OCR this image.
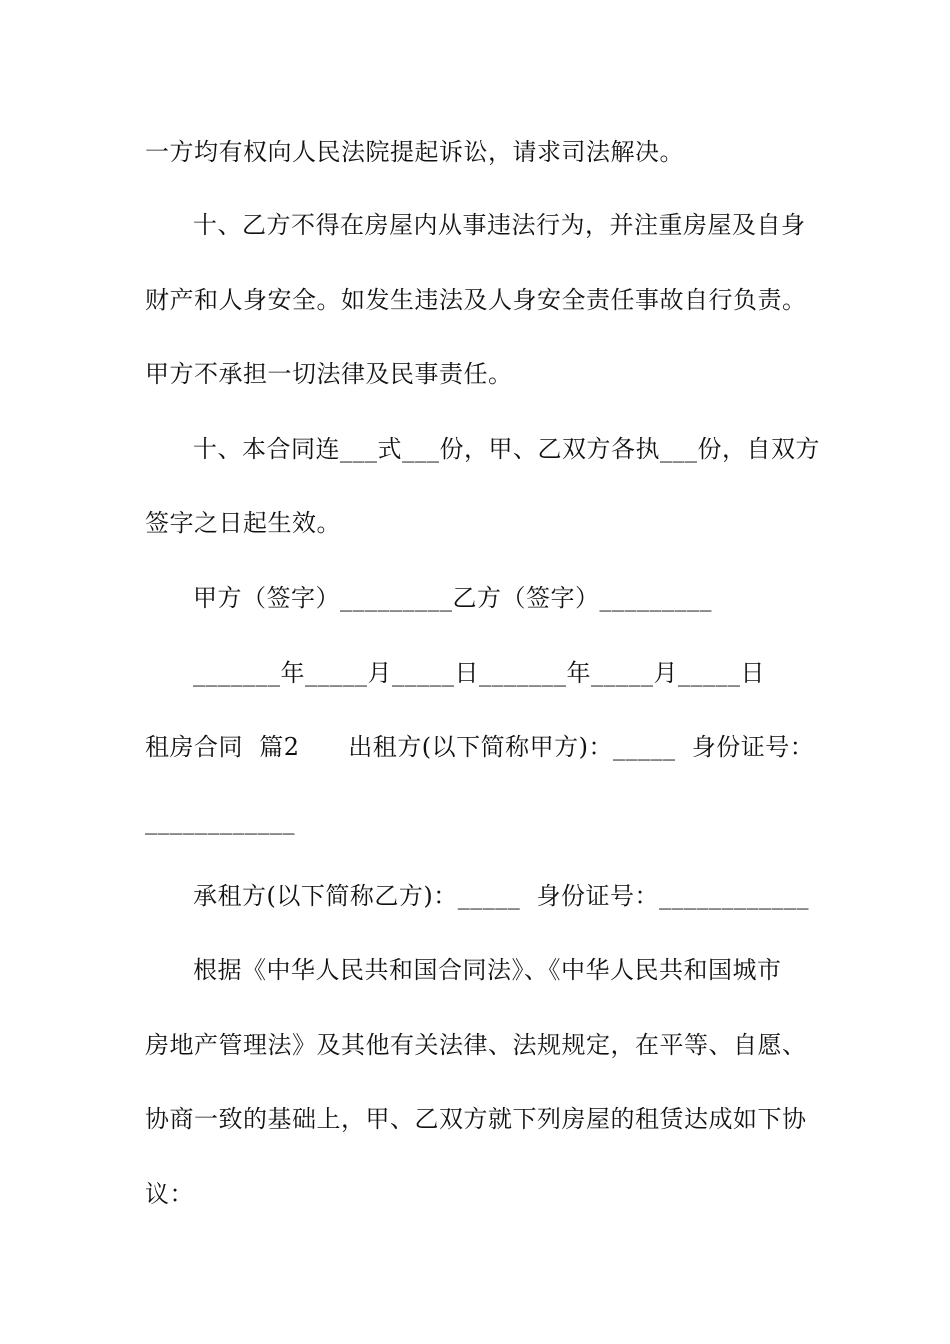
一方均有权向人民法院提起诉讼，请求司法解决。
十、乙方不得在房屋内从事违法行为，并注重房屋及自身
财产和人身安全。如发生违法及人身安全责任事故自行负责。
甲方不承担一切法律及民事责任。
十、本合同连___式___份，甲、乙双方各执___份，自双方
签字之日起生效。
甲方（签字）_________乙方（签字）_________
_______年_____月_____日_______年_____月_____日
租房合同  篇2      出租方(以下简称甲方)：_____  身份证号：
____________
承租方(以下简称乙方)：_____  身份证号：____________
根据《中华人民共和国合同法》、《中华人民共和国城市
房地产管理法》及其他有关法律、法规规定，在平等、自愿、
协商一致的基础上，甲、乙双方就下列房屋的租赁达成如下协
议：
